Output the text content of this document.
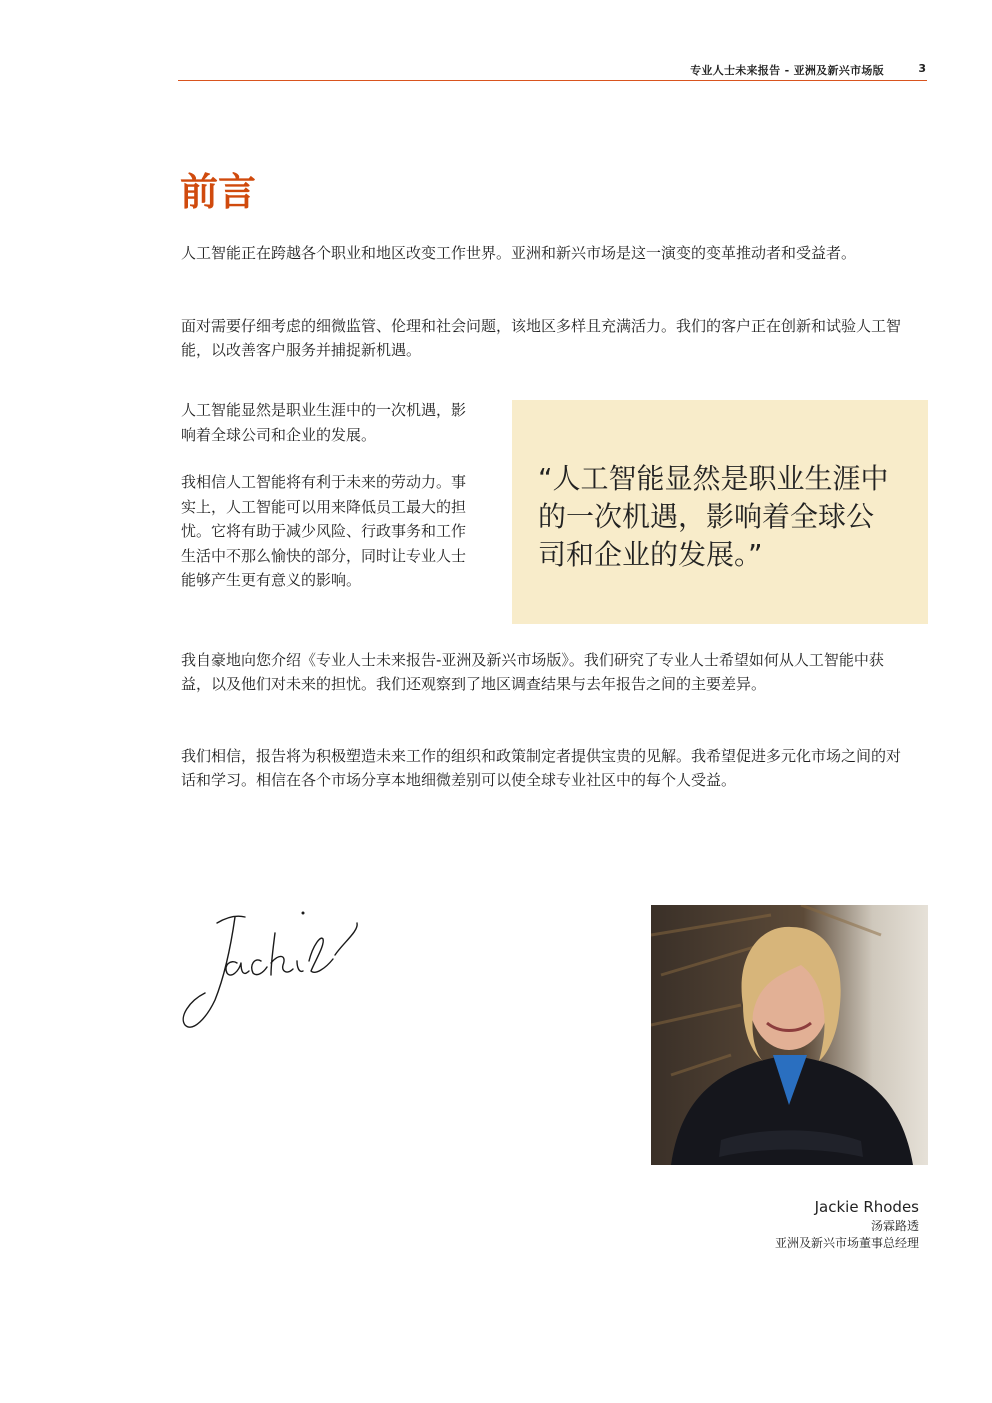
专业人士未来报告 - 亚洲及新兴市场版	3
前言

人工智能正在跨越各个职业和地区改变工作世界。亚洲和新兴市场是这一演变的变革推动者和受益者。

面对需要仔细考虑的细微监管、伦理和社会问题，该地区多样且充满活力。我们的客户正在创新和试验人工智能，以改善客户服务并捕捉新机遇。

人工智能显然是职业生涯中的一次机遇，影响着全球公司和企业的发展。

我相信人工智能将有利于未来的劳动力。事实上，人工智能可以用来降低员工最大的担忧。它将有助于减少风险、行政事务和工作生活中不那么愉快的部分，同时让专业人士能够产生更有意义的影响。

“人工智能显然是职业生涯中的一次机遇，影响着全球公司和企业的发展。”

我自豪地向您介绍《专业人士未来报告-亚洲及新兴市场版》。我们研究了专业人士希望如何从人工智能中获益，以及他们对未来的担忧。我们还观察到了地区调查结果与去年报告之间的主要差异。

我们相信，报告将为积极塑造未来工作的组织和政策制定者提供宝贵的见解。我希望促进多元化市场之间的对话和学习。相信在各个市场分享本地细微差别可以使全球专业社区中的每个人受益。

Jackie Rhodes
汤霖路透
亚洲及新兴市场董事总经理
